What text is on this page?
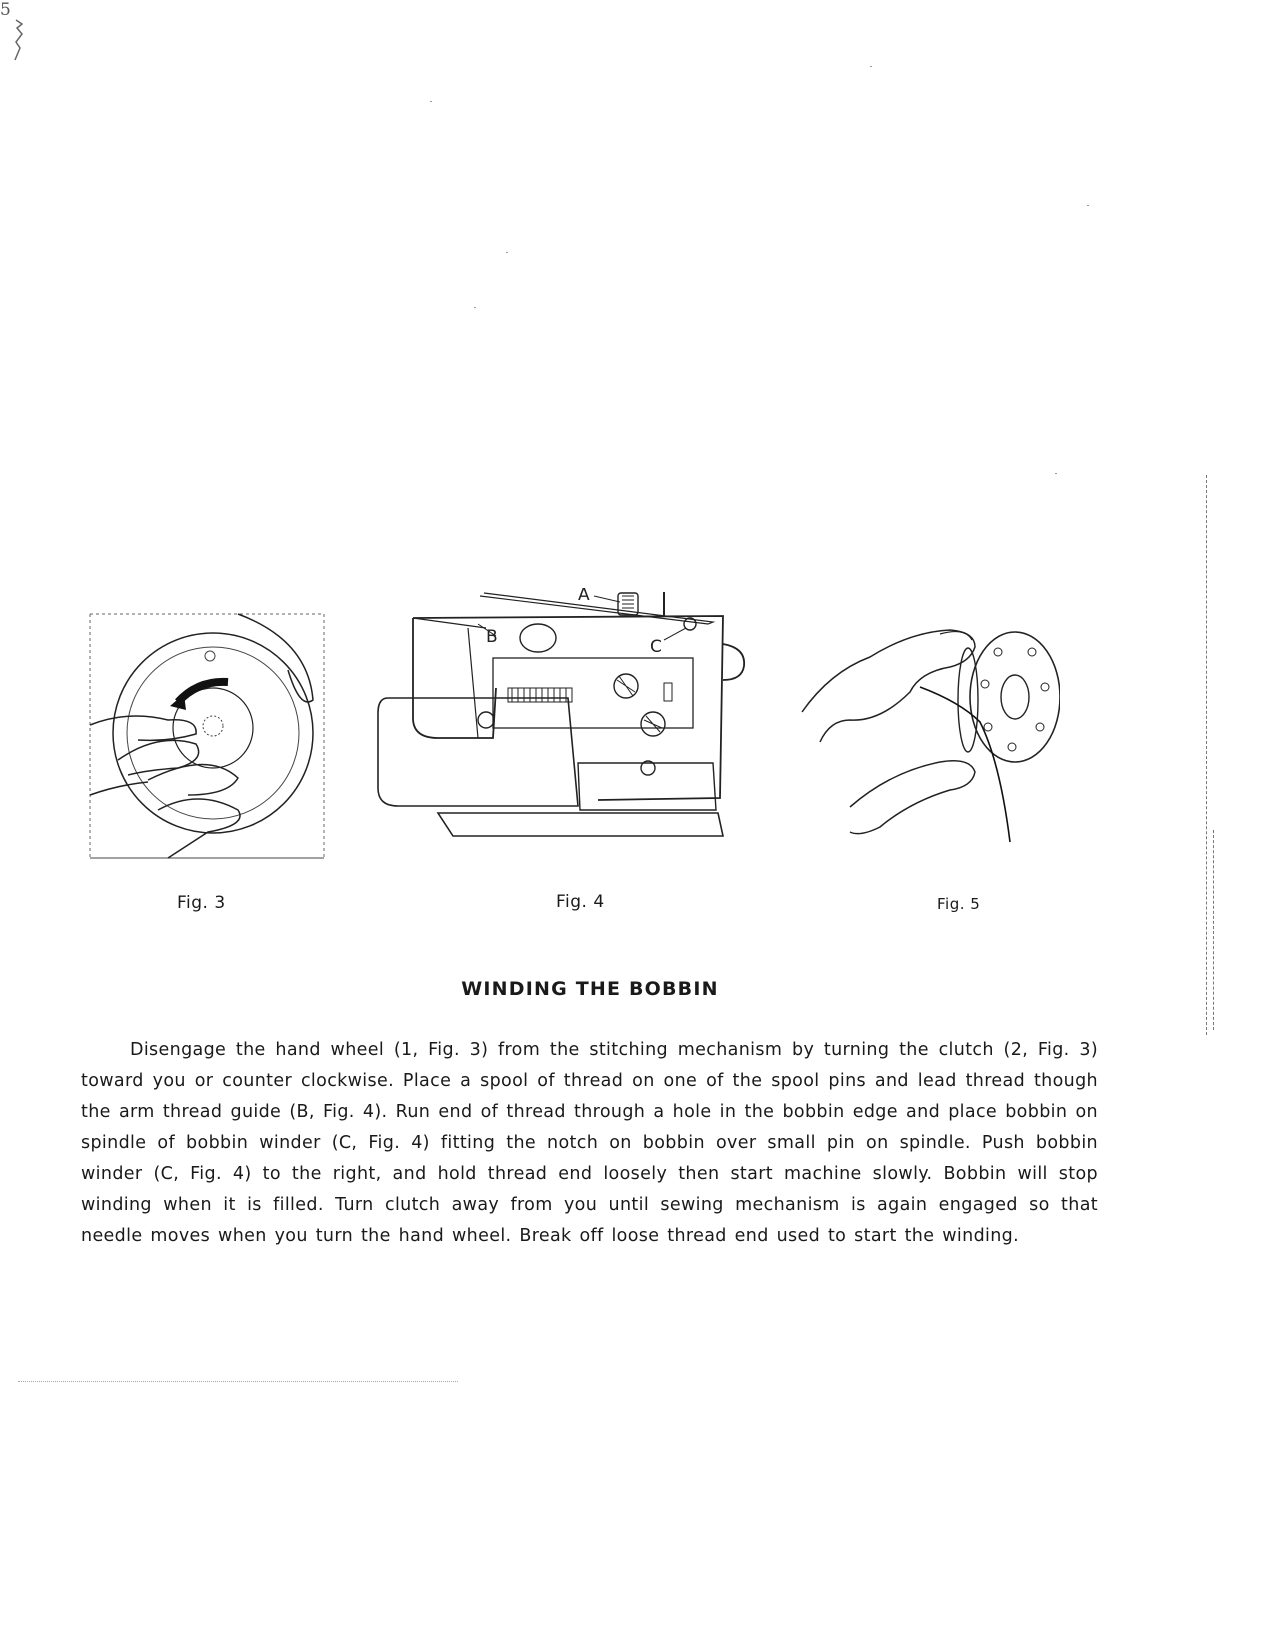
5
A
B	C
Fig. 3	Fig. 4	Fig. 5
WINDING THE BOBBIN
Disengage the hand wheel (1, Fig. 3) from the stitching mechanism by turning the clutch (2, Fig. 3) toward you or counter clockwise. Place a spool of thread on one of the spool pins and lead thread though the arm thread guide (B, Fig. 4). Run end of thread through a hole in the bobbin edge and place bobbin on spindle of bobbin winder (C, Fig. 4) fitting the notch on bobbin over small pin on spindle. Push bobbin winder (C, Fig. 4) to the right, and hold thread end loosely then start machine slowly. Bobbin will stop winding when it is filled. Turn clutch away from you until sewing mechanism is again engaged so that needle moves when you turn the hand wheel. Break off loose thread end used to start the winding.
